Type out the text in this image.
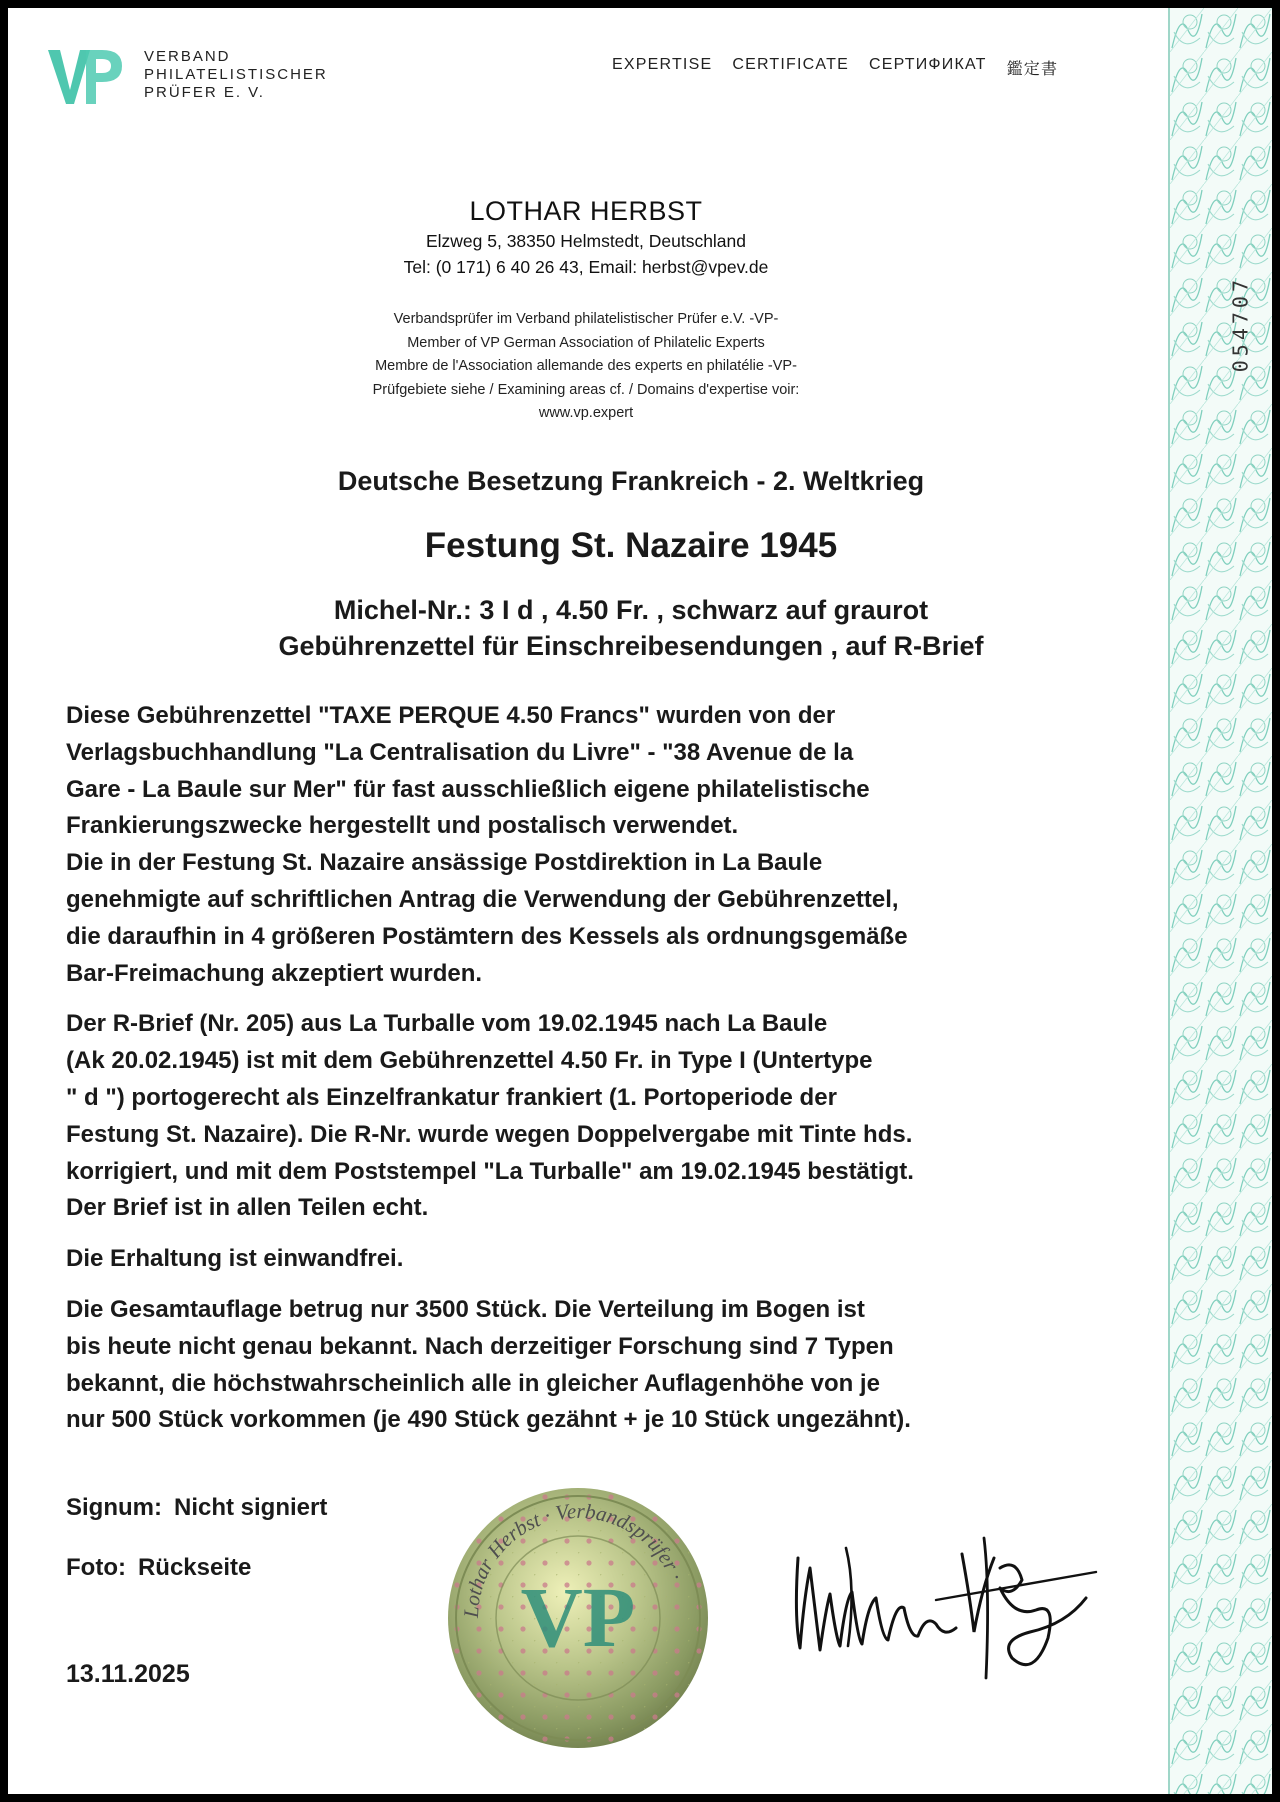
054707
VERBAND
PHILATELISTISCHER
PRÜFER E. V.
EXPERTISE CERTIFICATE СЕРТИФИКАТ 鑑定書
LOTHAR HERBST
Elzweg 5, 38350 Helmstedt, Deutschland
Tel: (0 171) 6 40 26 43, Email: herbst@vpev.de
Verbandsprüfer im Verband philatelistischer Prüfer e.V. -VP-
Member of VP German Association of Philatelic Experts
Membre de l'Association allemande des experts en philatélie -VP-
Prüfgebiete siehe / Examining areas cf. / Domains d'expertise voir:
www.vp.expert
Deutsche Besetzung Frankreich - 2. Weltkrieg
Festung St. Nazaire 1945
Michel-Nr.: 3 I d , 4.50 Fr. , schwarz auf graurot
Gebührenzettel für Einschreibesendungen , auf R-Brief

Diese Gebührenzettel "TAXE PERQUE 4.50 Francs" wurden von der

Verlagsbuchhandlung "La Centralisation du Livre" - "38 Avenue de la

Gare - La Baule sur Mer" für fast ausschließlich eigene philatelistische

Frankierungszwecke hergestellt und postalisch verwendet.

Die in der Festung St. Nazaire ansässige Postdirektion in La Baule

genehmigte auf schriftlichen Antrag die Verwendung der Gebührenzettel,

die daraufhin in 4 größeren Postämtern des Kessels als ordnungsgemäße

Bar-Freimachung akzeptiert wurden.

Der R-Brief (Nr. 205) aus La Turballe vom 19.02.1945 nach La Baule

(Ak 20.02.1945) ist mit dem Gebührenzettel 4.50 Fr. in Type I (Untertype

" d ") portogerecht als Einzelfrankatur frankiert (1. Portoperiode der

Festung St. Nazaire). Die R-Nr. wurde wegen Doppelvergabe mit Tinte hds.

korrigiert, und mit dem Poststempel "La Turballe" am 19.02.1945 bestätigt.

Der Brief ist in allen Teilen echt.

Die Erhaltung ist einwandfrei.

Die Gesamtauflage betrug nur 3500 Stück. Die Verteilung im Bogen ist

bis heute nicht genau bekannt. Nach derzeitiger Forschung sind 7 Typen

bekannt, die höchstwahrscheinlich alle in gleicher Auflagenhöhe von je

nur 500 Stück vorkommen (je 490 Stück gezähnt + je 10 Stück ungezähnt).

Signum: Nicht signiert
Foto: Rückseite
13.11.2025
Lothar Herbst · Verbandsprüfer ·
VP
